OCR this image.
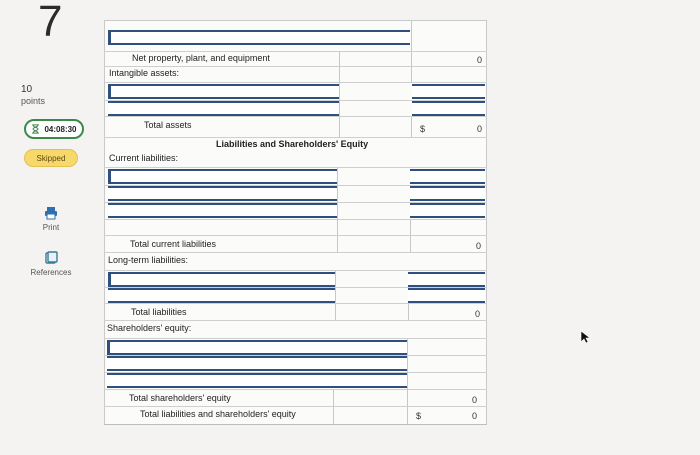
7
10
points
04:08:30
Skipped
Print
References
Net property, plant, and equipment	0
Intangible assets:
Total assets	$	0
Liabilities and Shareholders' Equity
Current liabilities:
Total current liabilities	0
Long-term liabilities:
Total liabilities	0
Shareholders' equity:
Total shareholders' equity	0
Total liabilities and shareholders' equity	$	0
